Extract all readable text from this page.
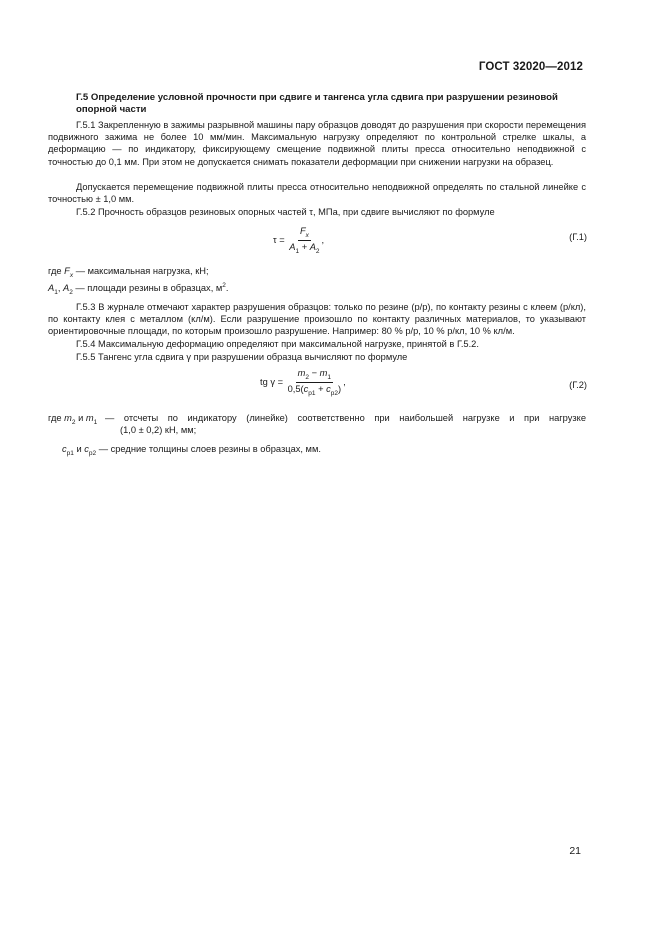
ГОСТ 32020—2012
Г.5 Определение условной прочности при сдвиге и тангенса угла сдвига при разрушении резиновой опорной части
Г.5.1 Закрепленную в зажимы разрывной машины пару образцов доводят до разрушения при скорости перемещения подвижного зажима не более 10 мм/мин. Максимальную нагрузку определяют по контрольной стрелке шкалы, а деформацию — по индикатору, фиксирующему смещение подвижной плиты пресса относительно неподвижной с точностью до 0,1 мм. При этом не допускается снимать показатели деформации при снижении нагрузки на образец.
Допускается перемещение подвижной плиты пресса относительно неподвижной определять по стальной линейке с точностью ± 1,0 мм.
Г.5.2 Прочность образцов резиновых опорных частей τ, МПа, при сдвиге вычисляют по формуле
$\tau = \frac{F_x}{A_1 + A_2}$ ,	(Г.1)
где $F_x$ — максимальная нагрузка, кН;
$A_1$, $A_2$ — площади резины в образцах, $м^2$.
Г.5.3 В журнале отмечают характер разрушения образцов: только по резине (р/р), по контакту резины с клеем (р/кл), по контакту клея с металлом (кл/м). Если разрушение произошло по контакту различных материалов, то указывают ориентировочные площади, по которым произошло разрушение. Например: 80 % р/р, 10 % р/кл, 10 % кл/м.
Г.5.4 Максимальную деформацию определяют при максимальной нагрузке, принятой в Г.5.2.
Г.5.5 Тангенс угла сдвига γ при разрушении образца вычисляют по формуле
tg $\gamma = \frac{m_2 - m_1}{0,5(c_{р1} + c_{р2})}$ ,	(Г.2)
где $m_2$ и $m_1$ — отсчеты по индикатору (линейке) соответственно при наибольшей нагрузке и при нагрузке
(1,0 ± 0,2) кН, мм;
$c_{р1}$ и $c_{р2}$ — средние толщины слоев резины в образцах, мм.
21
